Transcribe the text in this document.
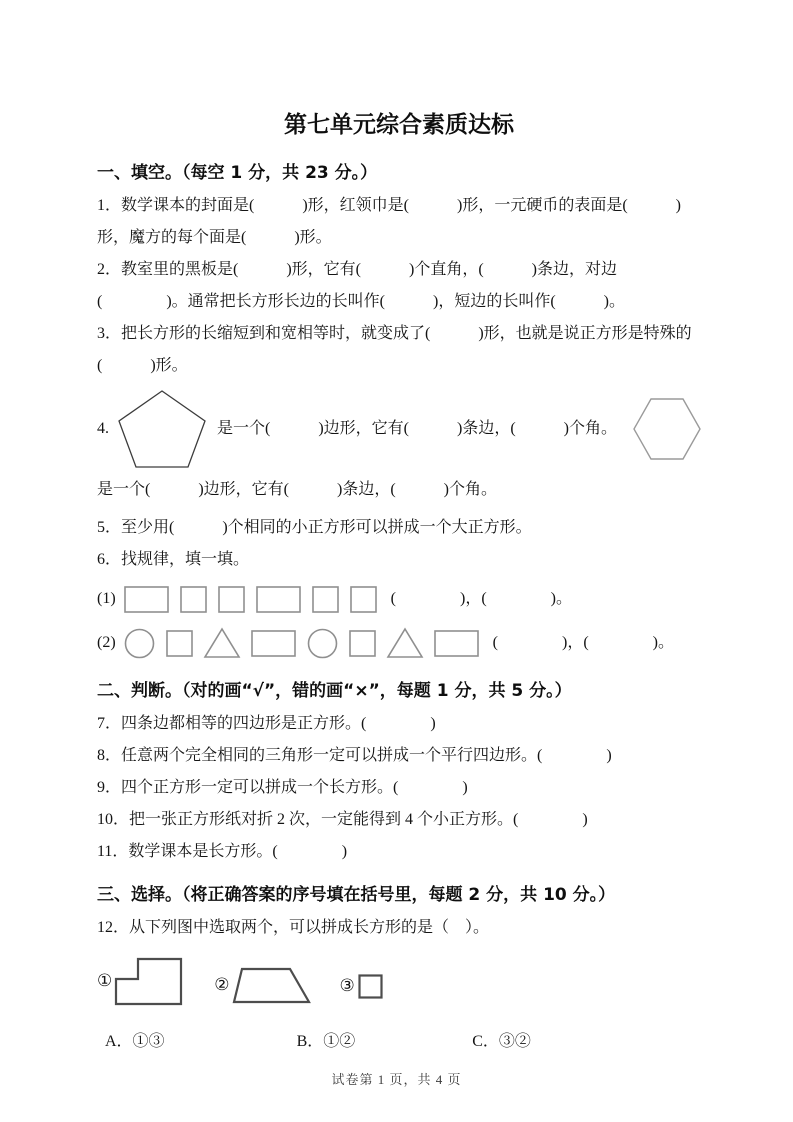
第七单元综合素质达标
一、填空。（每空 1 分，共 23 分。）
1．数学课本的封面是(　　　)形，红领巾是(　　　)形，一元硬币的表面是(　　　)
形，魔方的每个面是(　　　)形。
2．教室里的黑板是(　　　)形，它有(　　　)个直角，(　　　)条边，对边
(　　　　)。通常把长方形长边的长叫作(　　　)，短边的长叫作(　　　)。
3．把长方形的长缩短到和宽相等时，就变成了(　　　)形，也就是说正方形是特殊的
(　　　)形。
4.	是一个(　　　)边形，它有(　　　)条边，(　　　)个角。
是一个(　　　)边形，它有(　　　)条边，(　　　)个角。
5．至少用(　　　)个相同的小正方形可以拼成一个大正方形。
6．找规律，填一填。
(1)	(　　　　)，(　　　　)。
(2)	(　　　　)，(　　　　)。
二、判断。（对的画“√”，错的画“×”，每题 1 分，共 5 分。）
7．四条边都相等的四边形是正方形。(　　　　)
8．任意两个完全相同的三角形一定可以拼成一个平行四边形。(　　　　)
9．四个正方形一定可以拼成一个长方形。(　　　　)
10．把一张正方形纸对折 2 次，一定能得到 4 个小正方形。(　　　　)
11．数学课本是长方形。(　　　　)
三、选择。（将正确答案的序号填在括号里，每题 2 分，共 10 分。）
12．从下列图中选取两个，可以拼成长方形的是（　）。
①	②	③
A．①③	B．①②	C．③②
试卷第 1 页，共 4 页
